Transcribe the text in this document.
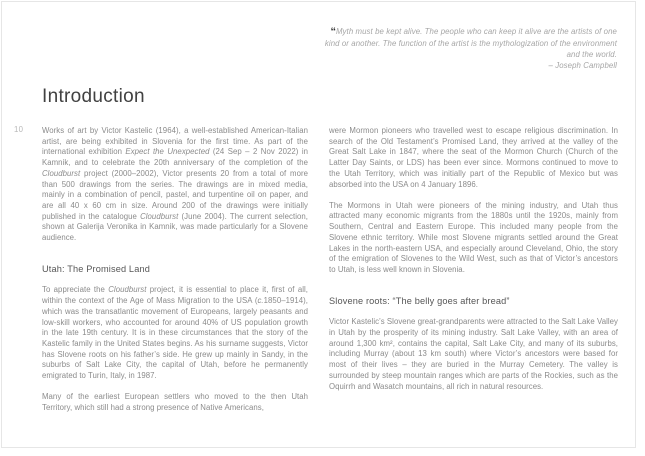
“Myth must be kept alive. The people who can keep it alive are the artists of one kind or another. The function of the artist is the mythologization of the environment and the world.
– Joseph Campbell
Introduction
10 Works of art by Victor Kastelic (1964), a well-established American-Italian artist, are being exhibited in Slovenia for the first time. As part of the international exhibition Expect the Unexpected (24 Sep – 2 Nov 2022) in Kamnik, and to celebrate the 20th anniversary of the completion of the Cloudburst project (2000–2002), Victor presents 20 from a total of more than 500 drawings from the series. The drawings are in mixed media, mainly in a combination of pencil, pastel, and turpentine oil on paper, and are all 40 x 60 cm in size. Around 200 of the drawings were initially published in the catalogue Cloudburst (June 2004). The current selection, shown at Galerija Veronika in Kamnik, was made particularly for a Slovene audience.

Utah: The Promised Land

To appreciate the Cloudburst project, it is essential to place it, first of all, within the context of the Age of Mass Migration to the USA (c.1850–1914), which was the transatlantic movement of Europeans, largely peasants and low-skill workers, who accounted for around 40% of US population growth in the late 19th century. It is in these circumstances that the story of the Kastelic family in the United States begins. As his surname suggests, Victor has Slovene roots on his father’s side. He grew up mainly in Sandy, in the suburbs of Salt Lake City, the capital of Utah, before he permanently emigrated to Turin, Italy, in 1987.

Many of the earliest European settlers who moved to the then Utah Territory, which still had a strong presence of Native Americans,

were Mormon pioneers who travelled west to escape religious discrimination. In search of the Old Testament’s Promised Land, they arrived at the valley of the Great Salt Lake in 1847, where the seat of the Mormon Church (Church of the Latter Day Saints, or LDS) has been ever since. Mormons continued to move to the Utah Territory, which was initially part of the Republic of Mexico but was absorbed into the USA on 4 January 1896.

The Mormons in Utah were pioneers of the mining industry, and Utah thus attracted many economic migrants from the 1880s until the 1920s, mainly from Southern, Central and Eastern Europe. This included many people from the Slovene ethnic territory. While most Slovene migrants settled around the Great Lakes in the north-eastern USA, and especially around Cleveland, Ohio, the story of the emigration of Slovenes to the Wild West, such as that of Victor’s ancestors to Utah, is less well known in Slovenia.

Slovene roots: “The belly goes after bread”

Victor Kastelic’s Slovene great-grandparents were attracted to the Salt Lake Valley in Utah by the prosperity of its mining industry. Salt Lake Valley, with an area of around 1,300 km², contains the capital, Salt Lake City, and many of its suburbs, including Murray (about 13 km south) where Victor’s ancestors were based for most of their lives – they are buried in the Murray Cemetery. The valley is surrounded by steep mountain ranges which are parts of the Rockies, such as the Oquirrh and Wasatch mountains, all rich in natural resources.
